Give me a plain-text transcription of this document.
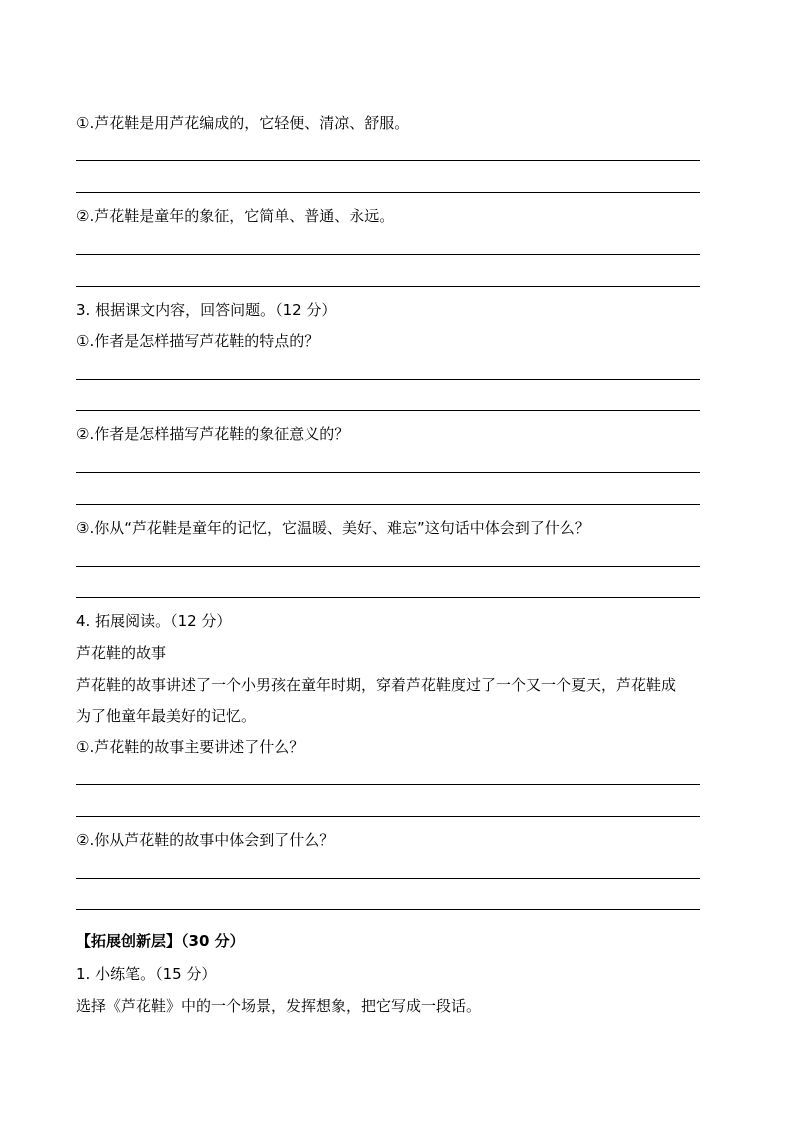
①.芦花鞋是用芦花编成的，它轻便、清凉、舒服。
②.芦花鞋是童年的象征，它简单、普通、永远。
3. 根据课文内容，回答问题。（12 分）
①.作者是怎样描写芦花鞋的特点的？
②.作者是怎样描写芦花鞋的象征意义的？
③.你从“芦花鞋是童年的记忆，它温暖、美好、难忘”这句话中体会到了什么？
4. 拓展阅读。（12 分）
芦花鞋的故事
芦花鞋的故事讲述了一个小男孩在童年时期，穿着芦花鞋度过了一个又一个夏天，芦花鞋成
为了他童年最美好的记忆。
①.芦花鞋的故事主要讲述了什么？
②.你从芦花鞋的故事中体会到了什么？
【拓展创新层】（30 分）
1. 小练笔。（15 分）
选择《芦花鞋》中的一个场景，发挥想象，把它写成一段话。
